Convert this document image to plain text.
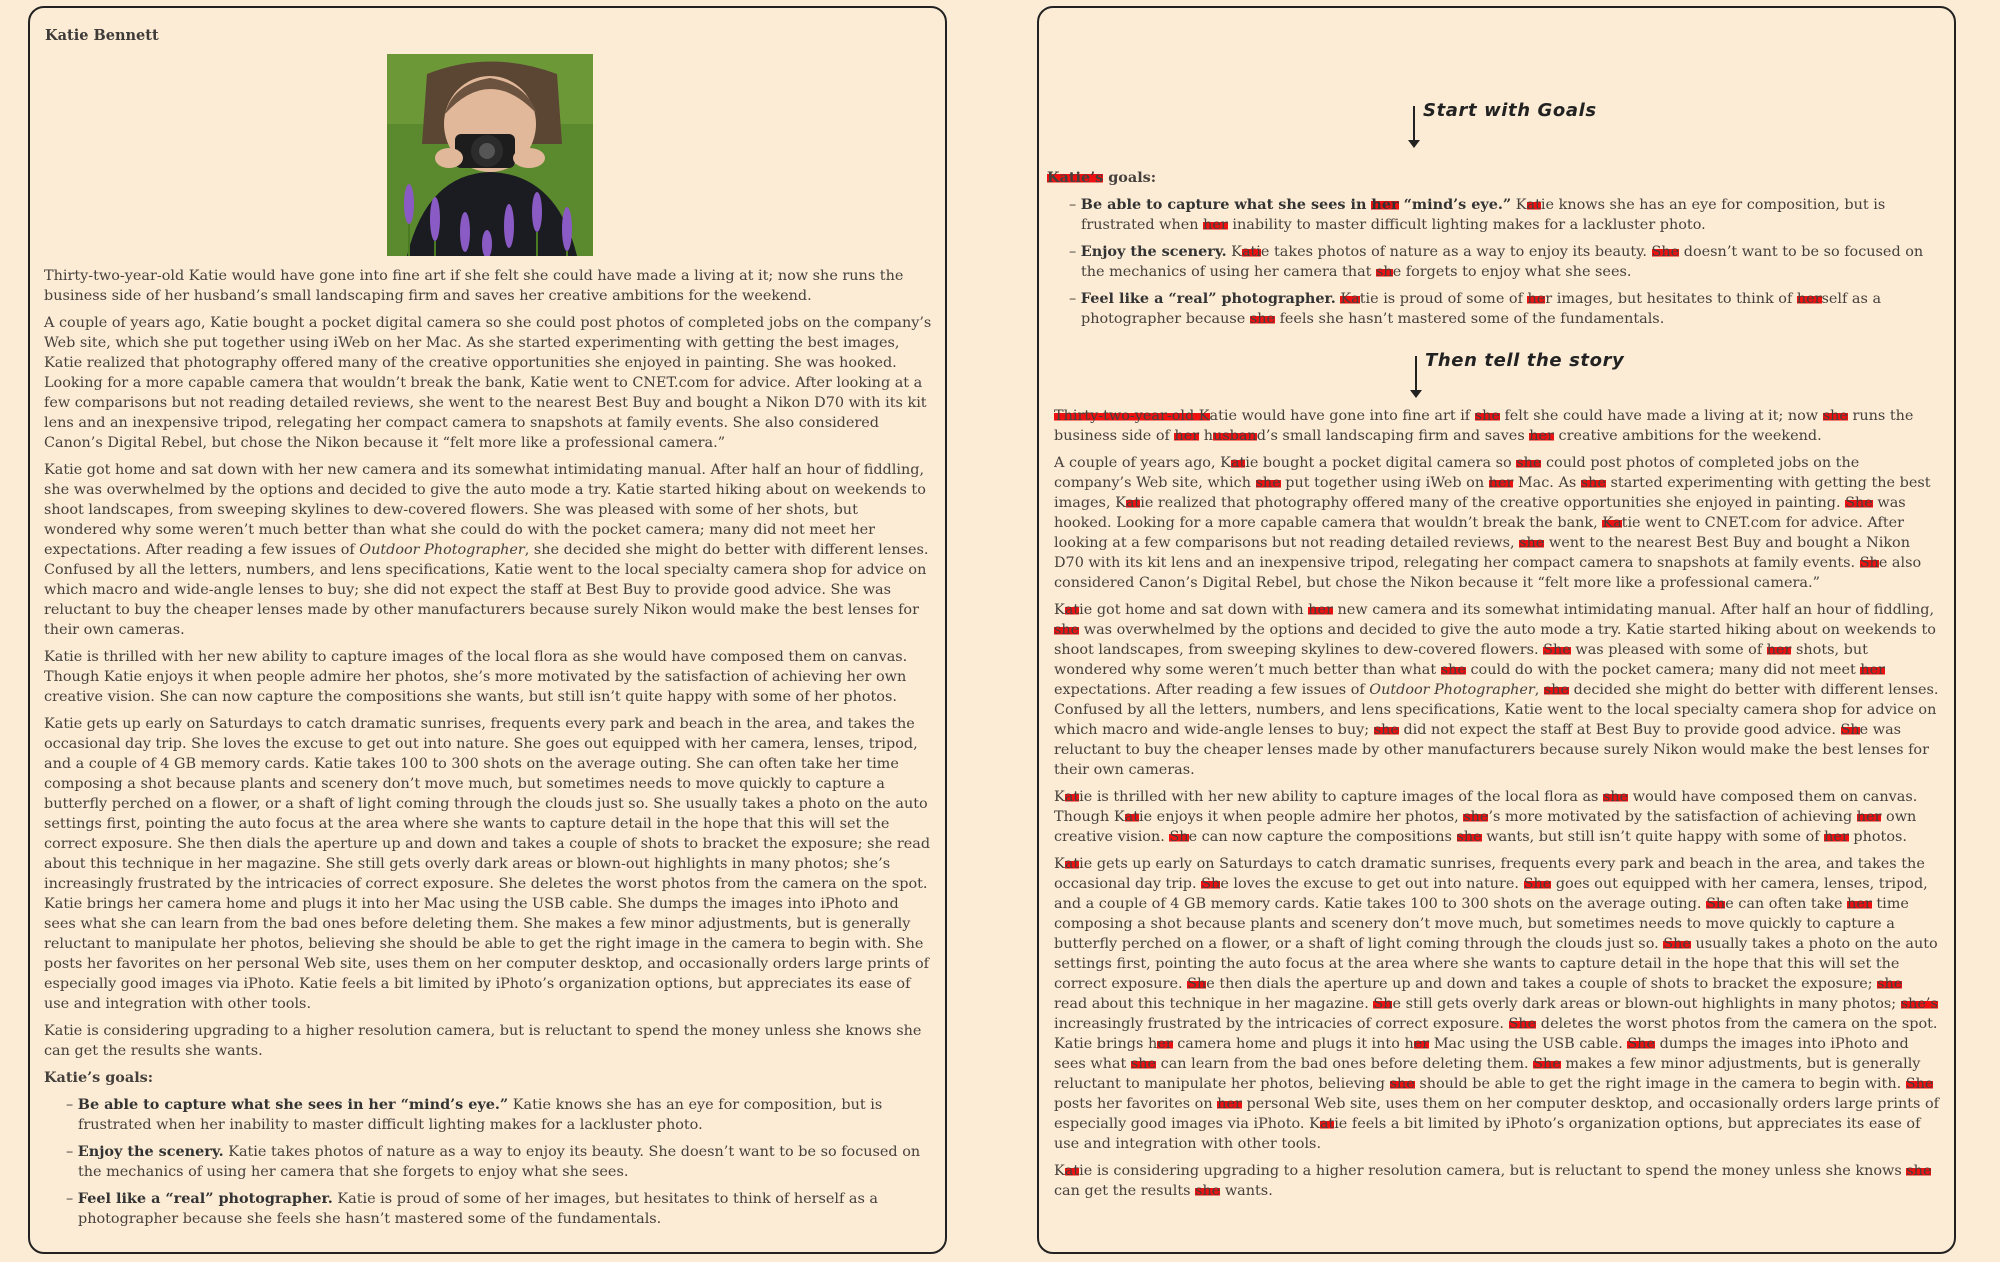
Katie Bennett

Thirty-two-year-old Katie would have gone into fine art if she felt she could have made a living at it; now she runs the business side of her husband’s small landscaping firm and saves her creative ambitions for the weekend.

A couple of years ago, Katie bought a pocket digital camera so she could post photos of completed jobs on the company’s Web site, which she put together using iWeb on her Mac. As she started experimenting with getting the best images, Katie realized that photography offered many of the creative opportunities she enjoyed in painting. She was hooked. Looking for a more capable camera that wouldn’t break the bank, Katie went to CNET.com for advice. After looking at a few comparisons but not reading detailed reviews, she went to the nearest Best Buy and bought a Nikon D70 with its kit lens and an inexpensive tripod, relegating her compact camera to snapshots at family events. She also considered Canon’s Digital Rebel, but chose the Nikon because it “felt more like a professional camera.”

Katie got home and sat down with her new camera and its somewhat intimidating manual. After half an hour of fiddling, she was overwhelmed by the options and decided to give the auto mode a try. Katie started hiking about on weekends to shoot landscapes, from sweeping skylines to dew-covered flowers. She was pleased with some of her shots, but wondered why some weren’t much better than what she could do with the pocket camera; many did not meet her expectations. After reading a few issues of Outdoor Photographer, she decided she might do better with different lenses. Confused by all the letters, numbers, and lens specifications, Katie went to the local specialty camera shop for advice on which macro and wide-angle lenses to buy; she did not expect the staff at Best Buy to provide good advice. She was reluctant to buy the cheaper lenses made by other manufacturers because surely Nikon would make the best lenses for their own cameras.

Katie is thrilled with her new ability to capture images of the local flora as she would have composed them on canvas. Though Katie enjoys it when people admire her photos, she’s more motivated by the satisfaction of achieving her own creative vision. She can now capture the compositions she wants, but still isn’t quite happy with some of her photos.

Katie gets up early on Saturdays to catch dramatic sunrises, frequents every park and beach in the area, and takes the occasional day trip. She loves the excuse to get out into nature. She goes out equipped with her camera, lenses, tripod, and a couple of 4 GB memory cards. Katie takes 100 to 300 shots on the average outing. She can often take her time composing a shot because plants and scenery don’t move much, but sometimes needs to move quickly to capture a butterfly perched on a flower, or a shaft of light coming through the clouds just so. She usually takes a photo on the auto settings first, pointing the auto focus at the area where she wants to capture detail in the hope that this will set the correct exposure. She then dials the aperture up and down and takes a couple of shots to bracket the exposure; she read about this technique in her magazine. She still gets overly dark areas or blown-out highlights in many photos; she’s increasingly frustrated by the intricacies of correct exposure. She deletes the worst photos from the camera on the spot. Katie brings her camera home and plugs it into her Mac using the USB cable. She dumps the images into iPhoto and sees what she can learn from the bad ones before deleting them. She makes a few minor adjustments, but is generally reluctant to manipulate her photos, believing she should be able to get the right image in the camera to begin with. She posts her favorites on her personal Web site, uses them on her computer desktop, and occasionally orders large prints of especially good images via iPhoto. Katie feels a bit limited by iPhoto’s organization options, but appreciates its ease of use and integration with other tools.

Katie is considering upgrading to a higher resolution camera, but is reluctant to spend the money unless she knows she can get the results she wants.

Katie’s goals:

– Be able to capture what she sees in her “mind’s eye.” Katie knows she has an eye for composition, but is frustrated when her inability to master difficult lighting makes for a lackluster photo.

– Enjoy the scenery. Katie takes photos of nature as a way to enjoy its beauty. She doesn’t want to be so focused on the mechanics of using her camera that she forgets to enjoy what she sees.

– Feel like a “real” photographer. Katie is proud of some of her images, but hesitates to think of herself as a photographer because she feels she hasn’t mastered some of the fundamentals.

Start with Goals

Katie’s goals:

– Be able to capture what she sees in her “mind’s eye.” Katie knows she has an eye for composition, but is frustrated when her inability to master difficult lighting makes for a lackluster photo.

– Enjoy the scenery. Katie takes photos of nature as a way to enjoy its beauty. She doesn’t want to be so focused on the mechanics of using her camera that she forgets to enjoy what she sees.

– Feel like a “real” photographer. Katie is proud of some of her images, but hesitates to think of herself as a photographer because she feels she hasn’t mastered some of the fundamentals.

Then tell the story

Thirty-two-year-old Katie would have gone into fine art if she felt she could have made a living at it; now she runs the business side of her husband’s small landscaping firm and saves her creative ambitions for the weekend.

A couple of years ago, Katie bought a pocket digital camera so she could post photos of completed jobs on the company’s Web site, which she put together using iWeb on her Mac. As she started experimenting with getting the best images, Katie realized that photography offered many of the creative opportunities she enjoyed in painting. She was hooked. Looking for a more capable camera that wouldn’t break the bank, Katie went to CNET.com for advice. After looking at a few comparisons but not reading detailed reviews, she went to the nearest Best Buy and bought a Nikon D70 with its kit lens and an inexpensive tripod, relegating her compact camera to snapshots at family events. She also considered Canon’s Digital Rebel, but chose the Nikon because it “felt more like a professional camera.”

Katie got home and sat down with her new camera and its somewhat intimidating manual. After half an hour of fiddling, she was overwhelmed by the options and decided to give the auto mode a try. Katie started hiking about on weekends to shoot landscapes, from sweeping skylines to dew-covered flowers. She was pleased with some of her shots, but wondered why some weren’t much better than what she could do with the pocket camera; many did not meet her expectations. After reading a few issues of Outdoor Photographer, she decided she might do better with different lenses. Confused by all the letters, numbers, and lens specifications, Katie went to the local specialty camera shop for advice on which macro and wide-angle lenses to buy; she did not expect the staff at Best Buy to provide good advice. She was reluctant to buy the cheaper lenses made by other manufacturers because surely Nikon would make the best lenses for their own cameras.

Katie is thrilled with her new ability to capture images of the local flora as she would have composed them on canvas. Though Katie enjoys it when people admire her photos, she’s more motivated by the satisfaction of achieving her own creative vision. She can now capture the compositions she wants, but still isn’t quite happy with some of her photos.

Katie gets up early on Saturdays to catch dramatic sunrises, frequents every park and beach in the area, and takes the occasional day trip. She loves the excuse to get out into nature. She goes out equipped with her camera, lenses, tripod, and a couple of 4 GB memory cards. Katie takes 100 to 300 shots on the average outing. She can often take her time composing a shot because plants and scenery don’t move much, but sometimes needs to move quickly to capture a butterfly perched on a flower, or a shaft of light coming through the clouds just so. She usually takes a photo on the auto settings first, pointing the auto focus at the area where she wants to capture detail in the hope that this will set the correct exposure. She then dials the aperture up and down and takes a couple of shots to bracket the exposure; she read about this technique in her magazine. She still gets overly dark areas or blown-out highlights in many photos; she’s increasingly frustrated by the intricacies of correct exposure. She deletes the worst photos from the camera on the spot. Katie brings her camera home and plugs it into her Mac using the USB cable. She dumps the images into iPhoto and sees what she can learn from the bad ones before deleting them. She makes a few minor adjustments, but is generally reluctant to manipulate her photos, believing she should be able to get the right image in the camera to begin with. She posts her favorites on her personal Web site, uses them on her computer desktop, and occasionally orders large prints of especially good images via iPhoto. Katie feels a bit limited by iPhoto’s organization options, but appreciates its ease of use and integration with other tools.

Katie is considering upgrading to a higher resolution camera, but is reluctant to spend the money unless she knows she can get the results she wants.
